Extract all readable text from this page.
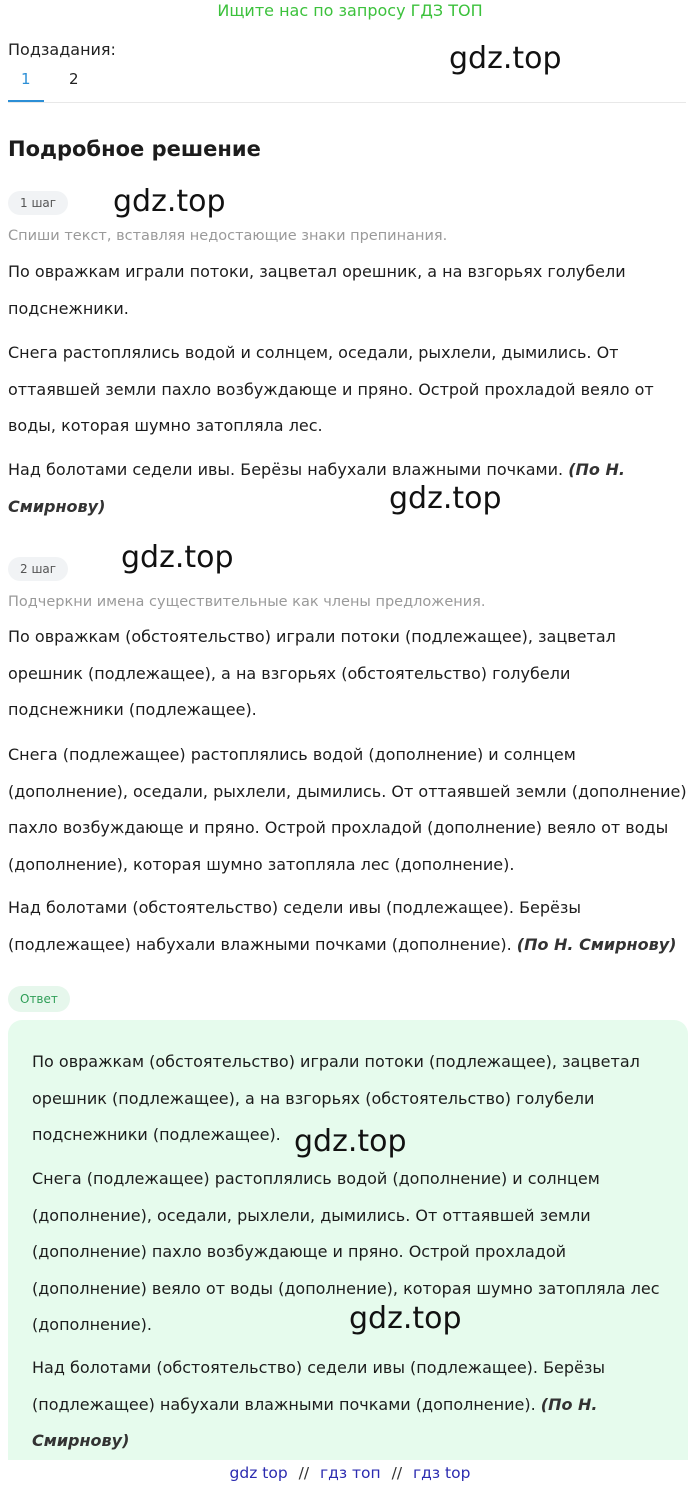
Ищите нас по запросу ГДЗ ТОП
Подзадания:
1	2
gdz.top
Подробное решение
1 шаг	gdz.top
Спиши текст, вставляя недостающие знаки препинания.
По овражкам играли потоки, зацветал орешник, а на взгорьях голубели подснежники.
Снега растоплялись водой и солнцем, оседали, рыхлели, дымились. От оттаявшей земли пахло возбуждающе и пряно. Острой прохладой веяло от воды, которая шумно затопляла лес.
Над болотами седели ивы. Берёзы набухали влажными почками. (По Н. Смирнову)	gdz.top
2 шаг	gdz.top
Подчеркни имена существительные как члены предложения.
По овражкам (обстоятельство) играли потоки (подлежащее), зацветал орешник (подлежащее), а на взгорьях (обстоятельство) голубели подснежники (подлежащее).
Снега (подлежащее) растоплялись водой (дополнение) и солнцем (дополнение), оседали, рыхлели, дымились. От оттаявшей земли (дополнение) пахло возбуждающе и пряно. Острой прохладой (дополнение) веяло от воды (дополнение), которая шумно затопляла лес (дополнение).
Над болотами (обстоятельство) седели ивы (подлежащее). Берёзы (подлежащее) набухали влажными почками (дополнение). (По Н. Смирнову)
Ответ
По овражкам (обстоятельство) играли потоки (подлежащее), зацветал орешник (подлежащее), а на взгорьях (обстоятельство) голубели подснежники (подлежащее). gdz.top
Снега (подлежащее) растоплялись водой (дополнение) и солнцем (дополнение), оседали, рыхлели, дымились. От оттаявшей земли (дополнение) пахло возбуждающе и пряно. Острой прохладой (дополнение) веяло от воды (дополнение), которая шумно затопляла лес (дополнение).	gdz.top
Над болотами (обстоятельство) седели ивы (подлежащее). Берёзы (подлежащее) набухали влажными почками (дополнение). (По Н. Смирнову)
gdz top // гдз топ // гдз top
